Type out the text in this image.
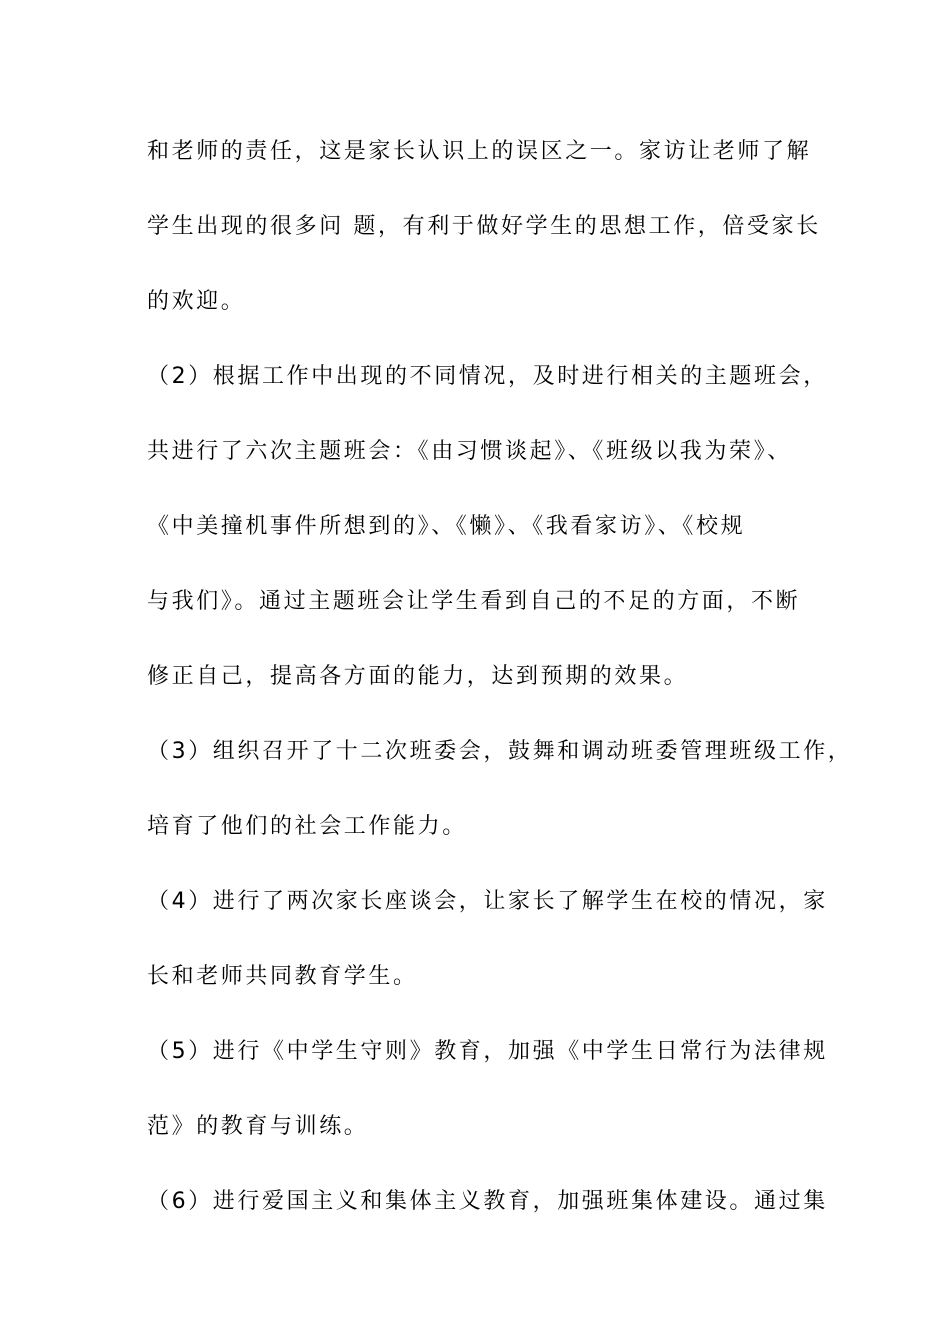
和老师的责任，这是家长认识上的误区之一。家访让老师了解
学生出现的很多问 题，有利于做好学生的思想工作，倍受家长
的欢迎。
（2）根据工作中出现的不同情况，及时进行相关的主题班会，
共进行了六次主题班会：《由习惯谈起》、《班级以我为荣》、
《中美撞机事件所想到的》、《懒》、《我看家访》、《校规
与我们》。通过主题班会让学生看到自己的不足的方面，不断
修正自己，提高各方面的能力，达到预期的效果。
（3）组织召开了十二次班委会，鼓舞和调动班委管理班级工作，
培育了他们的社会工作能力。
（4）进行了两次家长座谈会，让家长了解学生在校的情况，家
长和老师共同教育学生。
（5）进行《中学生守则》教育，加强《中学生日常行为法律规
范》的教育与训练。
（6）进行爱国主义和集体主义教育，加强班集体建设。通过集
